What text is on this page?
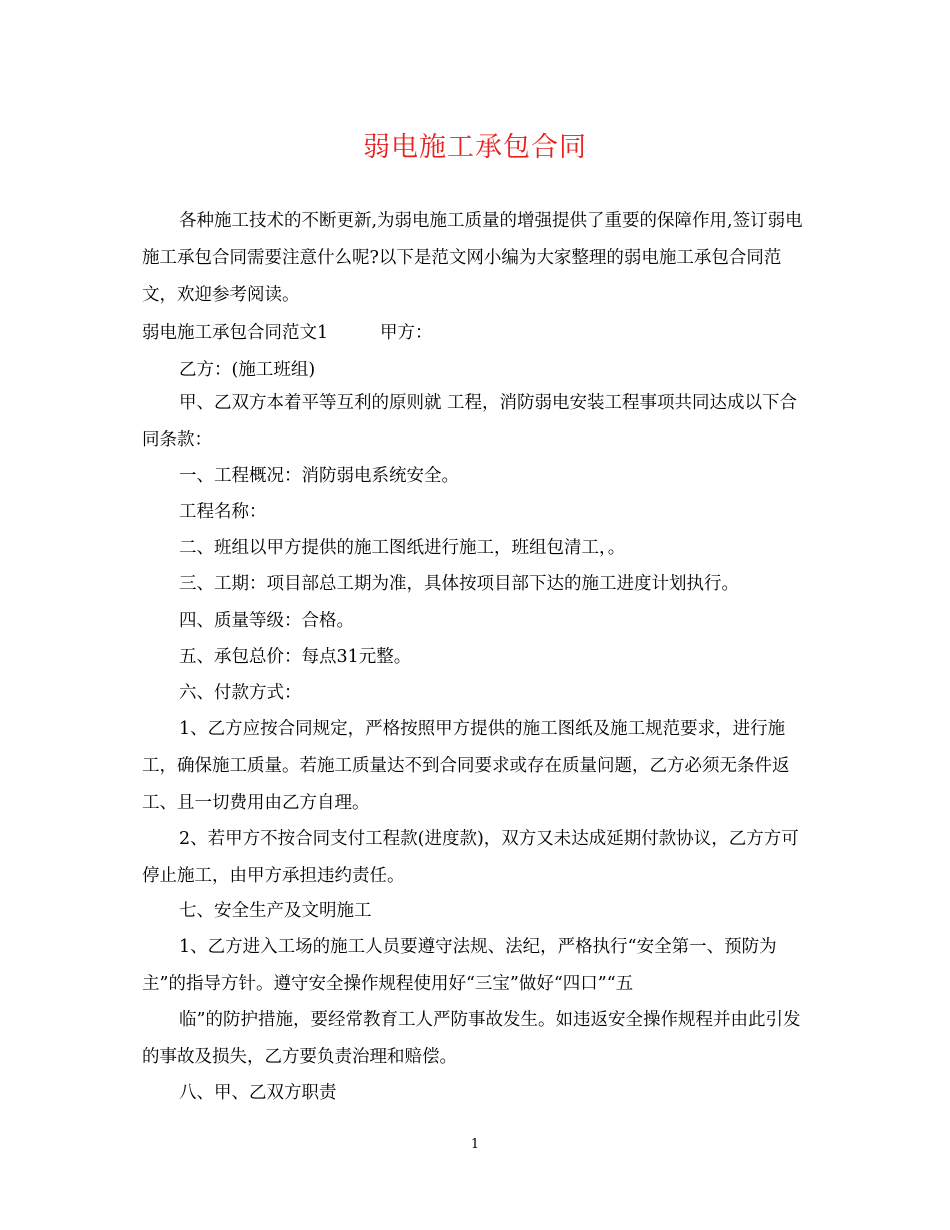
弱电施工承包合同

各种施工技术的不断更新,为弱电施工质量的增强提供了重要的保障作用,签订弱电施工承包合同需要注意什么呢?以下是范文网小编为大家整理的弱电施工承包合同范文，欢迎参考阅读。

弱电施工承包合同范文1	甲方：
乙方：(施工班组)

甲、乙双方本着平等互利的原则就 工程，消防弱电安装工程事项共同达成以下合同条款：

一、工程概况：消防弱电系统安全。
工程名称：
二、班组以甲方提供的施工图纸进行施工，班组包清工，。
三、工期：项目部总工期为准，具体按项目部下达的施工进度计划执行。
四、质量等级：合格。
五、承包总价：每点31元整。
六、付款方式：

1、乙方应按合同规定，严格按照甲方提供的施工图纸及施工规范要求，进行施工，确保施工质量。若施工质量达不到合同要求或存在质量问题，乙方必须无条件返工、且一切费用由乙方自理。

2、若甲方不按合同支付工程款(进度款)，双方又未达成延期付款协议，乙方方可停止施工，由甲方承担违约责任。

七、安全生产及文明施工

1、乙方进入工场的施工人员要遵守法规、法纪，严格执行“安全第一、预防为主”的指导方针。遵守安全操作规程使用好“三宝”做好“四口”“五

临”的防护措施，要经常教育工人严防事故发生。如违返安全操作规程并由此引发的事故及损失，乙方要负责治理和赔偿。

八、甲、乙双方职责
1
